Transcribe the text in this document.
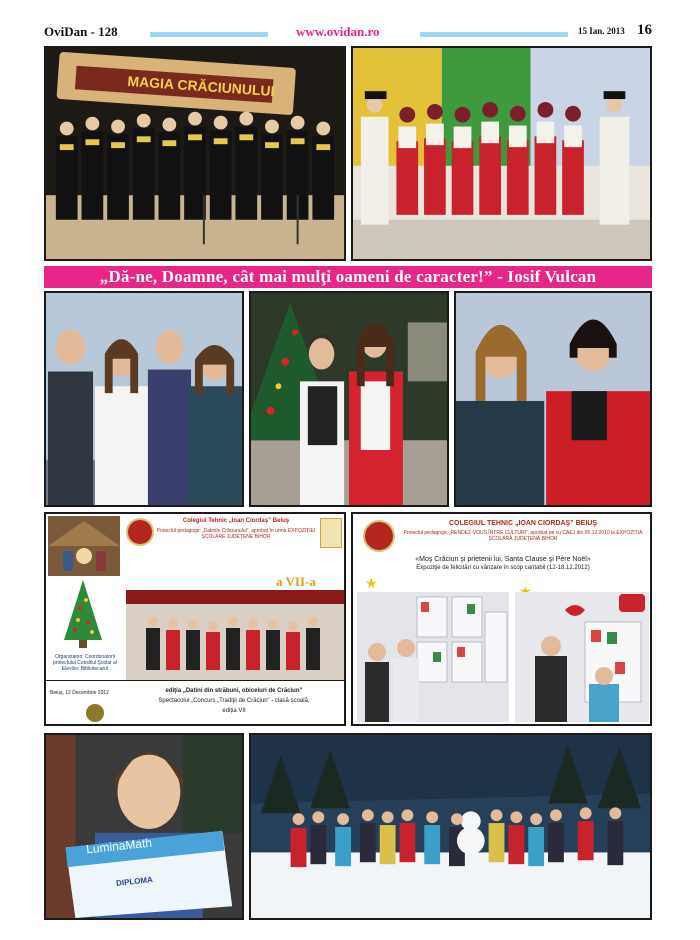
OviDan - 128	www.ovidan.ro	15 Ian. 2013 16
MAGIA CRĂCIUNULUI
„Dă-ne, Doamne, cât mai mulţi oameni de caracter!” - Iosif Vulcan
Organizatori: Coordonatorii proiectului Consiliul Școlar al Elevilor, Bibliotecarul
Colegiul Tehnic „Ioan Ciordaş” Beiuş
Proiectul pedagogic „Datinile Crăciunului”, aprobat în urma EXPOZIȚIEI ȘCOLARE JUDEȚENE BIHOR
a VII-a
Beiuş, 12 Decembrie 2012	ediţia „Datini din străbuni, obiceiuri de Crăciun”
Spectacolul „Concurs „Tradiţii de Crăciun” - clasă școală,
ediția VII
COLEGIUL TEHNIC „IOAN CIORDAŞ” BEIUŞ
Proiectul pedagogic „RENDEZ-VOUS ÎNTRE CULTURI”, aprobat pe cu CAEJ din 05.12.2010 la EXPOZIȚIA ȘCOLARĂ JUDEȚENĂ BIHOR
«Moş Crăciun şi prietenii lui, Santa Clause şi Père Noël»
Expoziţie de felicitări cu vânzare în scop caritabil (12-18.12.2012)
★
LuminaMath
DIPLOMA
